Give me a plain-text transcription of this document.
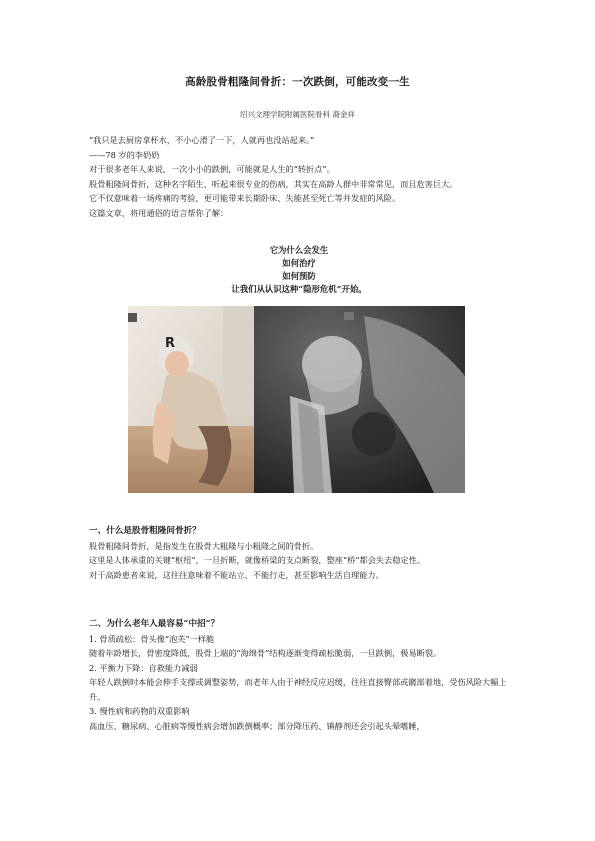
高龄股骨粗隆间骨折：一次跌倒，可能改变一生
绍兴文理学院附属医院骨科 裔金祥

“我只是去厨房拿杯水，不小心滑了一下，人就再也没站起来。”

——78 岁的李奶奶

对于很多老年人来说，一次小小的跌倒，可能就是人生的“转折点”。

股骨粗隆间骨折，这种名字陌生、听起来很专业的伤病，其实在高龄人群中非常常见，而且危害巨大。

它不仅意味着一场疼痛的考验，更可能带来长期卧床、失能甚至死亡等并发症的风险。

这篇文章，将用通俗的语言帮你了解：

它为什么会发生

如何治疗

如何预防

让我们从认识这种“隐形危机”开始。

R

一、什么是股骨粗隆间骨折？

股骨粗隆间骨折，是指发生在股骨大粗隆与小粗隆之间的骨折。

这里是人体承重的关键“枢纽”，一旦折断，就像桥梁的支点断裂，整座“桥”都会失去稳定性。

对于高龄患者来说，这往往意味着不能站立、不能行走，甚至影响生活自理能力。

二、为什么老年人最容易“中招”？

1. 骨质疏松：骨头像“泡芙”一样脆

随着年龄增长，骨密度降低，股骨上端的“海绵骨”结构逐渐变得疏松脆弱，一旦跌倒，极易断裂。

2. 平衡力下降：自救能力减弱

年轻人跌倒时本能会伸手支撑或调整姿势，而老年人由于神经反应迟缓，往往直接臀部或髋部着地，受伤风险大幅上升。

3. 慢性病和药物的双重影响

高血压、糖尿病、心脏病等慢性病会增加跌倒概率；部分降压药、镇静剂还会引起头晕嗜睡，
